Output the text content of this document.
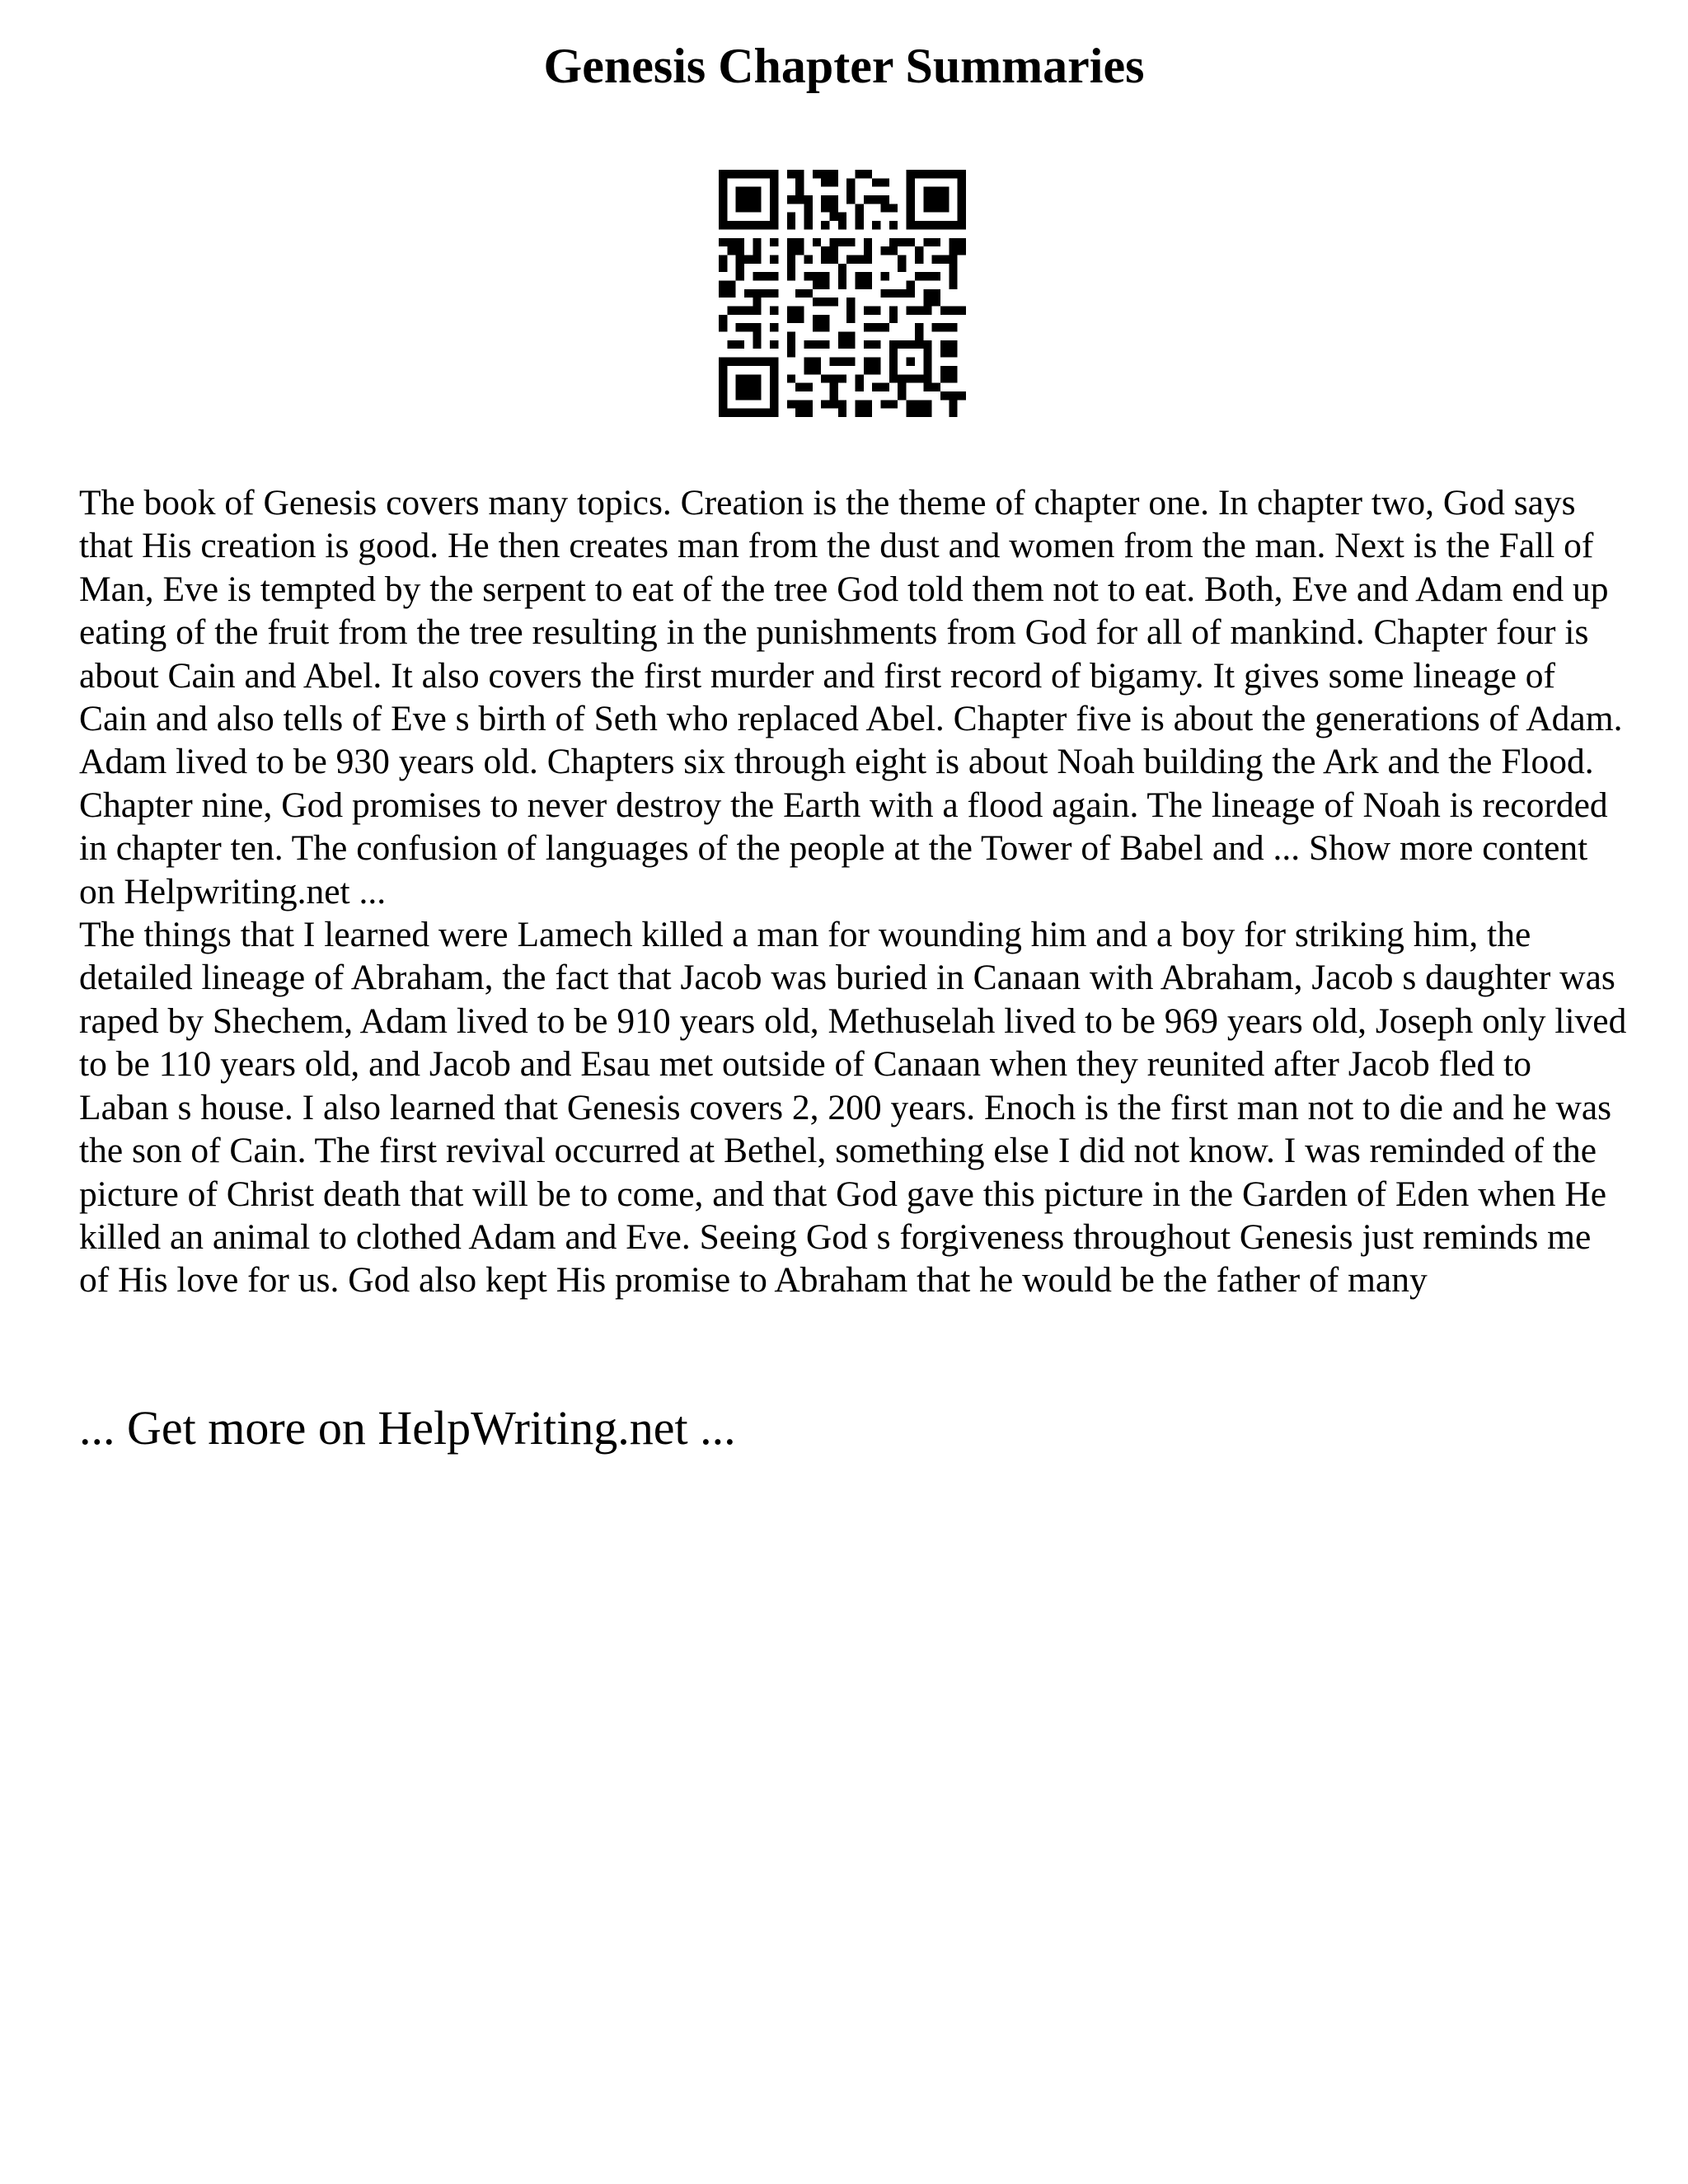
Genesis Chapter Summaries

The book of Genesis covers many topics. Creation is the theme of chapter one. In chapter two, God says that His creation is good. He then creates man from the dust and women from the man. Next is the Fall of Man, Eve is tempted by the serpent to eat of the tree God told them not to eat. Both, Eve and Adam end up eating of the fruit from the tree resulting in the punishments from God for all of mankind. Chapter four is about Cain and Abel. It also covers the first murder and first record of bigamy. It gives some lineage of Cain and also tells of Eve s birth of Seth who replaced Abel. Chapter five is about the generations of Adam. Adam lived to be 930 years old. Chapters six through eight is about Noah building the Ark and the Flood. Chapter nine, God promises to never destroy the Earth with a flood again. The lineage of Noah is recorded in chapter ten. The confusion of languages of the people at the Tower of Babel and ... Show more content on Helpwriting.net ...

The things that I learned were Lamech killed a man for wounding him and a boy for striking him, the detailed lineage of Abraham, the fact that Jacob was buried in Canaan with Abraham, Jacob s daughter was raped by Shechem, Adam lived to be 910 years old, Methuselah lived to be 969 years old, Joseph only lived to be 110 years old, and Jacob and Esau met outside of Canaan when they reunited after Jacob fled to Laban s house. I also learned that Genesis covers 2, 200 years. Enoch is the first man not to die and he was the son of Cain. The first revival occurred at Bethel, something else I did not know. I was reminded of the picture of Christ death that will be to come, and that God gave this picture in the Garden of Eden when He killed an animal to clothed Adam and Eve. Seeing God s forgiveness throughout Genesis just reminds me of His love for us. God also kept His promise to Abraham that he would be the father of many

... Get more on HelpWriting.net ...
